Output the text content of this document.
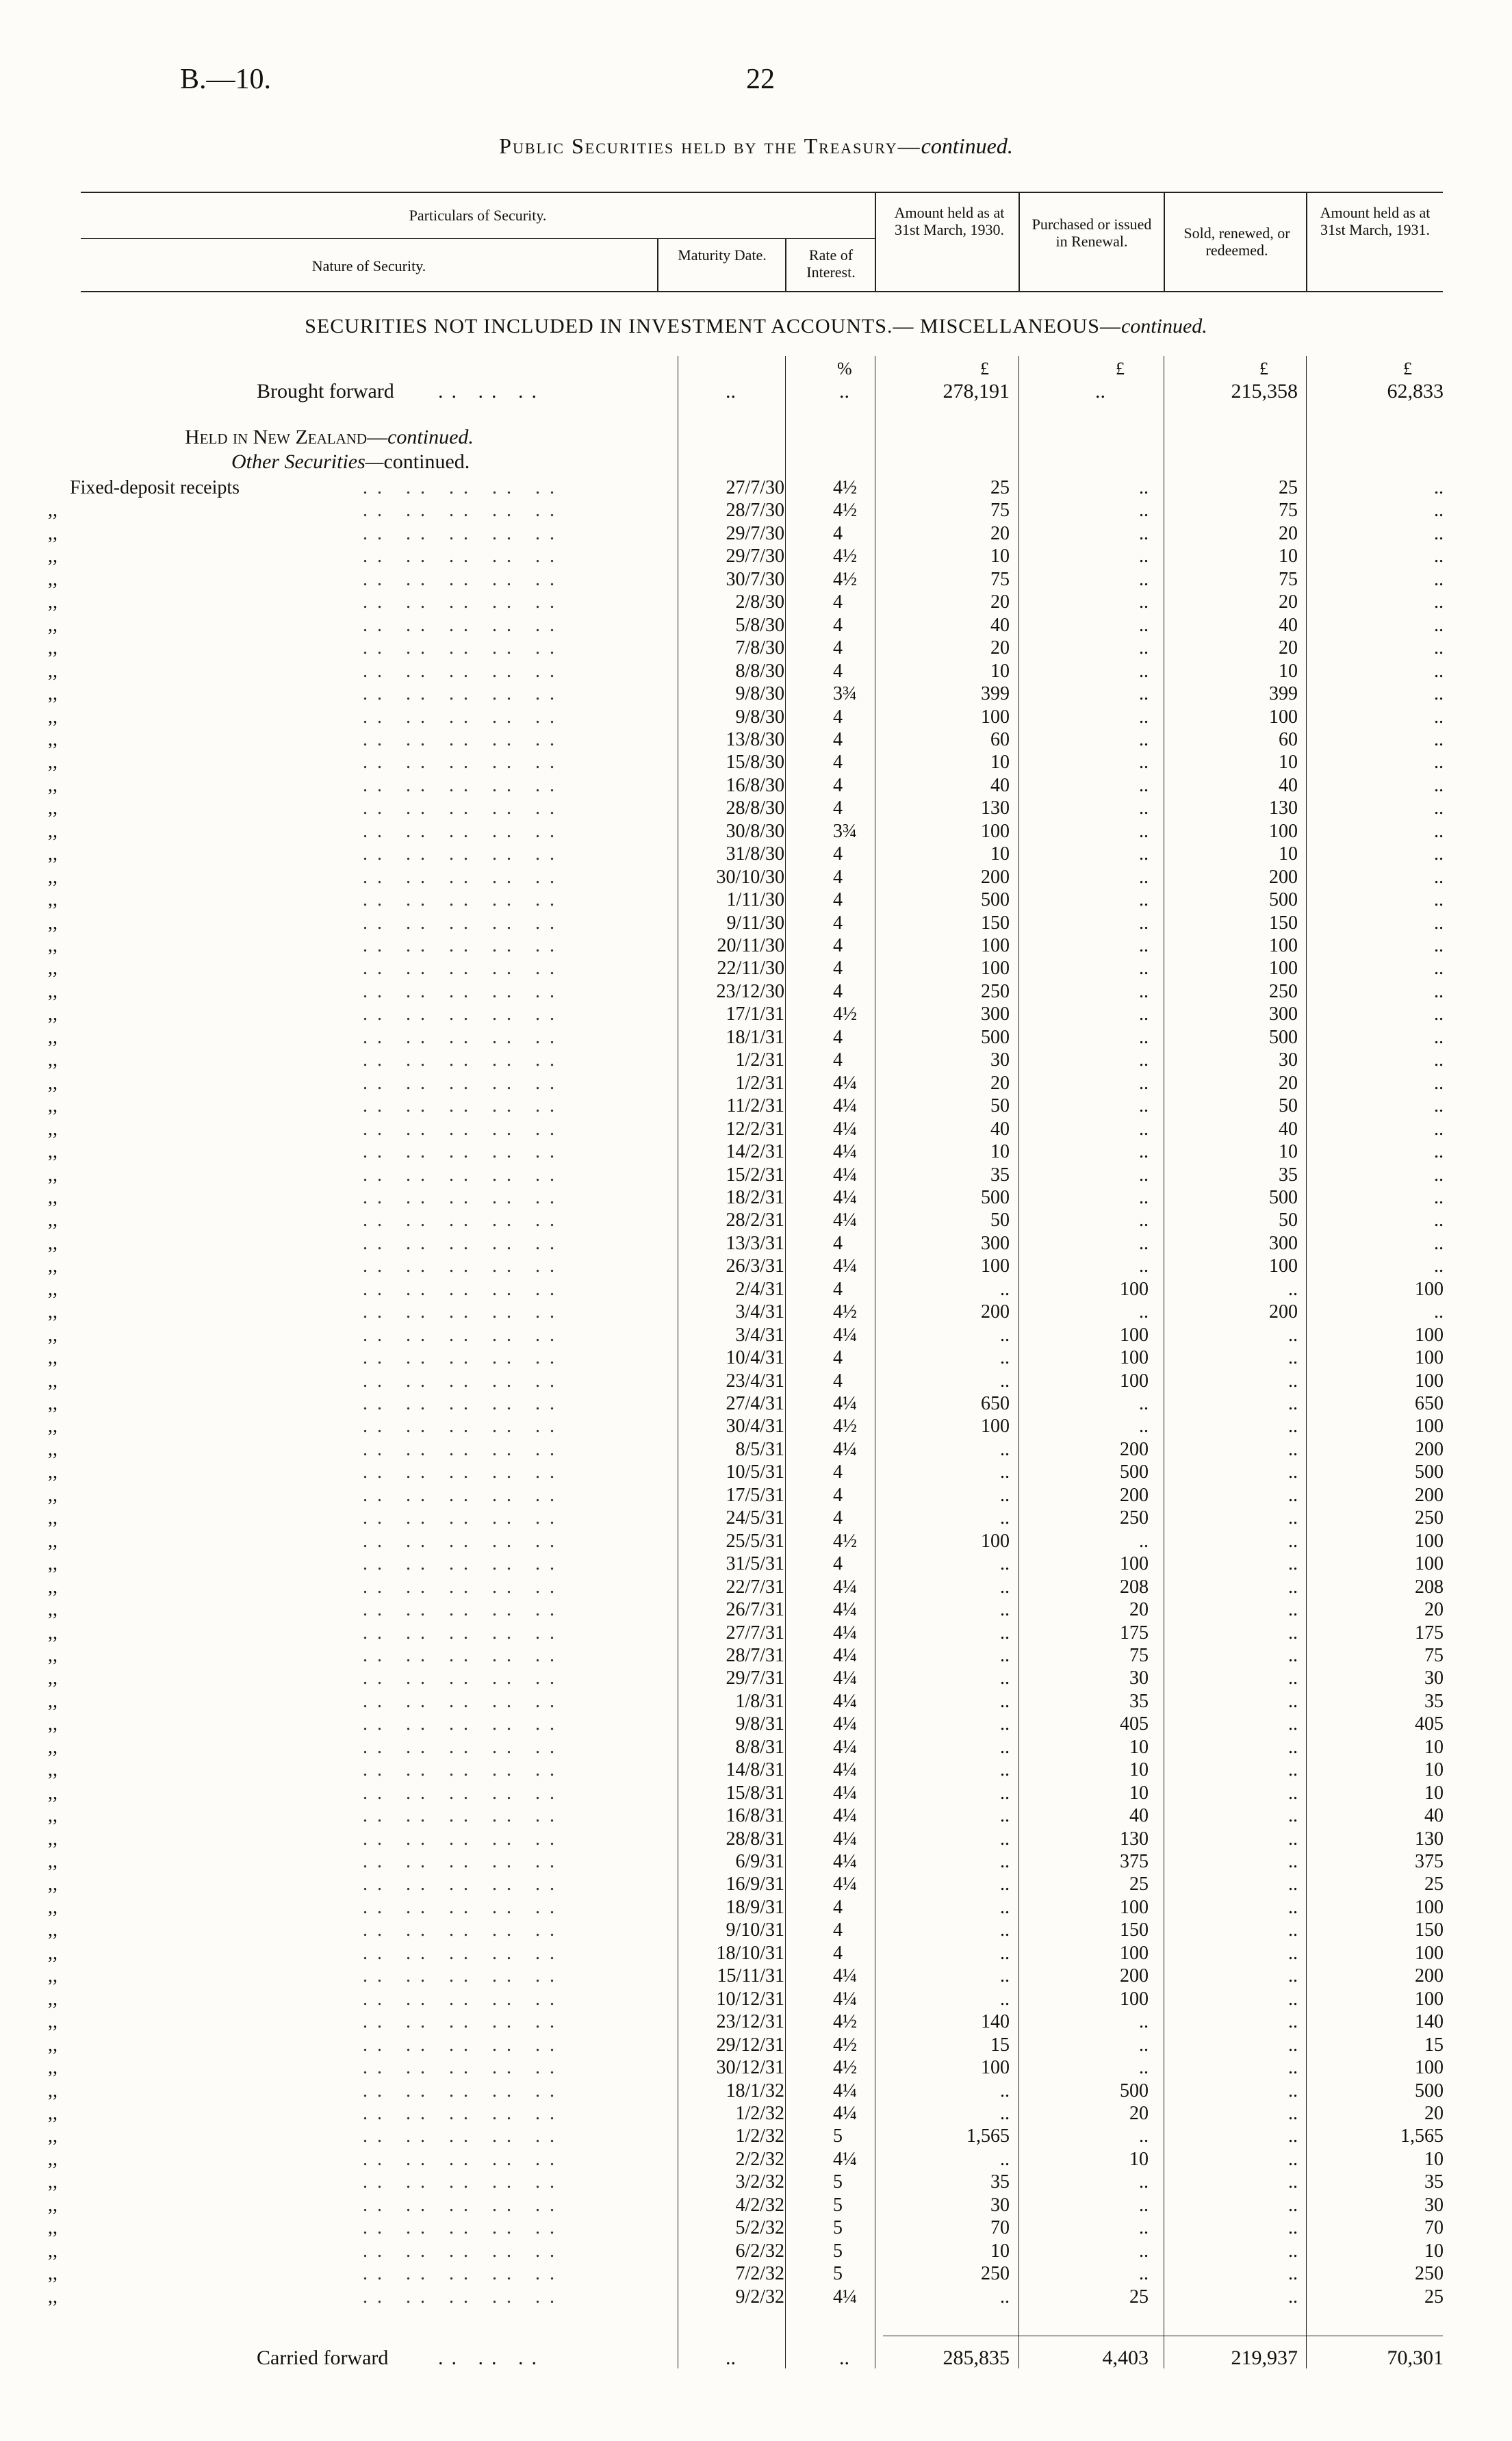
B.—10.	22
Public Securities held by the Treasury—continued.
Particulars of Security.
Nature of Security.
Maturity Date.	Rate of Interest.
Amount held as at 31st March, 1930.	Purchased or issued in Renewal.	Sold, renewed, or redeemed.
Amount held as at 31st March, 1931.
SECURITIES NOT INCLUDED IN INVESTMENT ACCOUNTS.— MISCELLANEOUS—continued.
%	£	£	£	£
Brought forward .. .. ..	..	..	278,191	..	215,358	62,833
Held in New Zealand—continued.
Other Securities—continued.
Fixed-deposit receipts	.. .. .. .. ..	27/7/30	4½	25	..	25	..
,,	.. .. .. .. ..	28/7/30	4½	75	..	75	..
,,	.. .. .. .. ..	29/7/30	4	20	..	20	..
,,	.. .. .. .. ..	29/7/30	4½	10	..	10	..
,,	.. .. .. .. ..	30/7/30	4½	75	..	75	..
,,	.. .. .. .. ..	2/8/30	4	20	..	20	..
,,	.. .. .. .. ..	5/8/30	4	40	..	40	..
,,	.. .. .. .. ..	7/8/30	4	20	..	20	..
,,	.. .. .. .. ..	8/8/30	4	10	..	10	..
,,	.. .. .. .. ..	9/8/30	3¾	399	..	399	..
,,	.. .. .. .. ..	9/8/30	4	100	..	100	..
,,	.. .. .. .. ..	13/8/30	4	60	..	60	..
,,	.. .. .. .. ..	15/8/30	4	10	..	10	..
,,	.. .. .. .. ..	16/8/30	4	40	..	40	..
,,	.. .. .. .. ..	28/8/30	4	130	..	130	..
,,	.. .. .. .. ..	30/8/30	3¾	100	..	100	..
,,	.. .. .. .. ..	31/8/30	4	10	..	10	..
,,	.. .. .. .. ..	30/10/30	4	200	..	200	..
,,	.. .. .. .. ..	1/11/30	4	500	..	500	..
,,	.. .. .. .. ..	9/11/30	4	150	..	150	..
,,	.. .. .. .. ..	20/11/30	4	100	..	100	..
,,	.. .. .. .. ..	22/11/30	4	100	..	100	..
,,	.. .. .. .. ..	23/12/30	4	250	..	250	..
,,	.. .. .. .. ..	17/1/31	4½	300	..	300	..
,,	.. .. .. .. ..	18/1/31	4	500	..	500	..
,,	.. .. .. .. ..	1/2/31	4	30	..	30	..
,,	.. .. .. .. ..	1/2/31	4¼	20	..	20	..
,,	.. .. .. .. ..	11/2/31	4¼	50	..	50	..
,,	.. .. .. .. ..	12/2/31	4¼	40	..	40	..
,,	.. .. .. .. ..	14/2/31	4¼	10	..	10	..
,,	.. .. .. .. ..	15/2/31	4¼	35	..	35	..
,,	.. .. .. .. ..	18/2/31	4¼	500	..	500	..
,,	.. .. .. .. ..	28/2/31	4¼	50	..	50	..
,,	.. .. .. .. ..	13/3/31	4	300	..	300	..
,,	.. .. .. .. ..	26/3/31	4¼	100	..	100	..
,,	.. .. .. .. ..	2/4/31	4	..	100	..	100
,,	.. .. .. .. ..	3/4/31	4½	200	..	200	..
,,	.. .. .. .. ..	3/4/31	4¼	..	100	..	100
,,	.. .. .. .. ..	10/4/31	4	..	100	..	100
,,	.. .. .. .. ..	23/4/31	4	..	100	..	100
,,	.. .. .. .. ..	27/4/31	4¼	650	..	..	650
,,	.. .. .. .. ..	30/4/31	4½	100	..	..	100
,,	.. .. .. .. ..	8/5/31	4¼	..	200	..	200
,,	.. .. .. .. ..	10/5/31	4	..	500	..	500
,,	.. .. .. .. ..	17/5/31	4	..	200	..	200
,,	.. .. .. .. ..	24/5/31	4	..	250	..	250
,,	.. .. .. .. ..	25/5/31	4½	100	..	..	100
,,	.. .. .. .. ..	31/5/31	4	..	100	..	100
,,	.. .. .. .. ..	22/7/31	4¼	..	208	..	208
,,	.. .. .. .. ..	26/7/31	4¼	..	20	..	20
,,	.. .. .. .. ..	27/7/31	4¼	..	175	..	175
,,	.. .. .. .. ..	28/7/31	4¼	..	75	..	75
,,	.. .. .. .. ..	29/7/31	4¼	..	30	..	30
,,	.. .. .. .. ..	1/8/31	4¼	..	35	..	35
,,	.. .. .. .. ..	9/8/31	4¼	..	405	..	405
,,	.. .. .. .. ..	8/8/31	4¼	..	10	..	10
,,	.. .. .. .. ..	14/8/31	4¼	..	10	..	10
,,	.. .. .. .. ..	15/8/31	4¼	..	10	..	10
,,	.. .. .. .. ..	16/8/31	4¼	..	40	..	40
,,	.. .. .. .. ..	28/8/31	4¼	..	130	..	130
,,	.. .. .. .. ..	6/9/31	4¼	..	375	..	375
,,	.. .. .. .. ..	16/9/31	4¼	..	25	..	25
,,	.. .. .. .. ..	18/9/31	4	..	100	..	100
,,	.. .. .. .. ..	9/10/31	4	..	150	..	150
,,	.. .. .. .. ..	18/10/31	4	..	100	..	100
,,	.. .. .. .. ..	15/11/31	4¼	..	200	..	200
,,	.. .. .. .. ..	10/12/31	4¼	..	100	..	100
,,	.. .. .. .. ..	23/12/31	4½	140	..	..	140
,,	.. .. .. .. ..	29/12/31	4½	15	..	..	15
,,	.. .. .. .. ..	30/12/31	4½	100	..	..	100
,,	.. .. .. .. ..	18/1/32	4¼	..	500	..	500
,,	.. .. .. .. ..	1/2/32	4¼	..	20	..	20
,,	.. .. .. .. ..	1/2/32	5	1,565	..	..	1,565
,,	.. .. .. .. ..	2/2/32	4¼	..	10	..	10
,,	.. .. .. .. ..	3/2/32	5	35	..	..	35
,,	.. .. .. .. ..	4/2/32	5	30	..	..	30
,,	.. .. .. .. ..	5/2/32	5	70	..	..	70
,,	.. .. .. .. ..	6/2/32	5	10	..	..	10
,,	.. .. .. .. ..	7/2/32	5	250	..	..	250
,,	.. .. .. .. ..	9/2/32	4¼	..	25	..	25
Carried forward .. .. ..	..	..	285,835	4,403	219,937	70,301
